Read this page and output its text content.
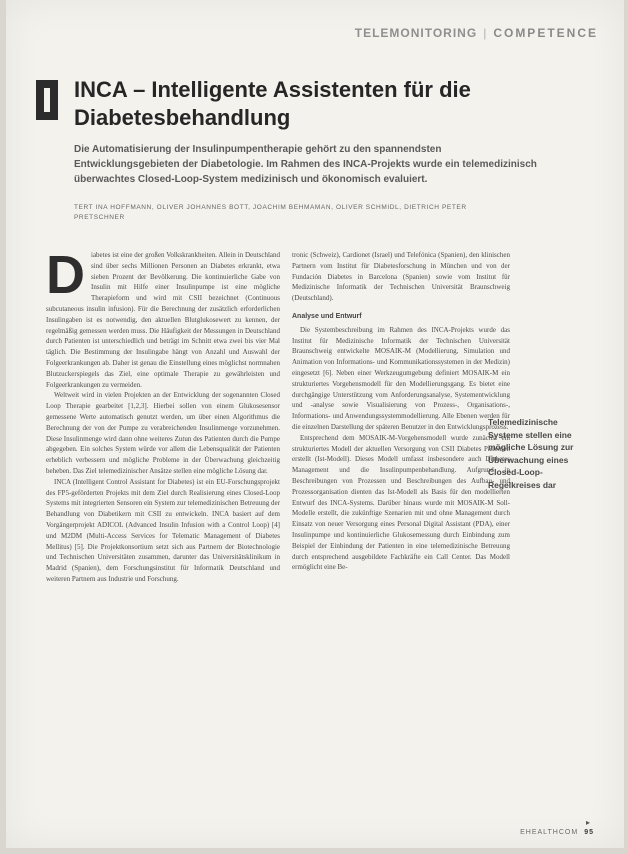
TELEMONITORING | COMPETENCE
INCA – Intelligente Assistenten für die Diabetesbehandlung
Die Automatisierung der Insulinpumpentherapie gehört zu den spannendsten Entwicklungsgebieten der Diabetologie. Im Rahmen des INCA-Projekts wurde ein telemedizinisch überwachtes Closed-Loop-System medizinisch und ökonomisch evaluiert.
TERT INA HOFFMANN, OLIVER JOHANNES BOTT, JOACHIM BEHMAMAN, OLIVER SCHMIDL, DIETRICH PETER PRETSCHNER
D iabetes ist eine der großen Volkskrankheiten. Allein in Deutschland sind über sechs Millionen Personen an Diabetes erkrankt, etwa sieben Prozent der Bevölkerung. Die kontinuierliche Gabe von Insulin mit Hilfe einer Insulinpumpe ist eine mögliche Therapieform und wird mit CSII bezeichnet (Continuous subcutaneous insulin infusion). Für die Berechnung der zusätzlich erforderlichen Insulingaben ist es notwendig, den aktuellen Blutglukosewert zu kennen, der regelmäßig gemessen werden muss. Die Häufigkeit der Messungen in Deutschland durch Patienten ist unterschiedlich und beträgt im Schnitt etwa zwei bis vier Mal täglich. Die Bestimmung der Insulingabe hängt von Anzahl und Auswahl der Folgeerkrankungen ab. Daher ist genau die Einstellung eines möglichst normnahen Blutzuckerspiegels das Ziel, eine optimale Therapie zu gewährleisten und Folgeerkrankungen zu vermeiden.

Weltweit wird in vielen Projekten an der Entwicklung der sogenannten Closed Loop Therapie gearbeitet [1,2,3]. Hierbei sollen von einem Glukosesensor gemessene Werte automatisch genutzt werden, um über einen Algorithmus die Berechnung der von der Pumpe zu verabreichenden Insulinmenge vorzunehmen. Diese Insulinmenge wird dann ohne weiteres Zutun des Patienten durch die Pumpe abgegeben. Ein solches System würde vor allem die Lebensqualität der Patienten erheblich verbessern und mögliche Probleme in der Überwachung gleichzeitig beheben. Das Ziel telemedizinischer Ansätze stellen eine mögliche Lösung dar.

INCA (Intelligent Control Assistant for Diabetes) ist ein EU-Forschungsprojekt des FP5-geförderten Projekts mit dem Ziel durch Realisierung eines Closed-Loop Systems mit integrierten Sensoren ein System zur telemedizinischen Betreuung der Behandlung von Diabetikern mit CSII zu entwickeln. INCA basiert auf dem Vorgängerprojekt ADICOL (Advanced Insulin Infusion with a Control Loop) [4] und M2DM (Multi-Access Services for Telematic Management of Diabetes Mellitus) [5]. Die Projektkonsortium setzt sich aus Partnern der Biotechnologie und Technischen Universitäten zusammen, darunter das Universitätsklinikum in Madrid (Spanien), dem Forschungsinstitut für Informatik Deutschland und weiteren Partnern aus Industrie und Forschung.

tronic (Schweiz), Cardionet (Israel) und Telefónica (Spanien), den klinischen Partnern vom Institut für Diabetesforschung in München und von der Fundación Diabetes in Barcelona (Spanien) sowie vom Institut für Medizinische Informatik der Technischen Universität Braunschweig (Deutschland).

Analyse und Entwurf

Die Systembeschreibung im Rahmen des INCA-Projekts wurde das Institut für Medizinische Informatik der Technischen Universität Braunschweig entwickelte MOSAIK-M (Modellierung, Simulation und Animation von Informations- und Kommunikationssystemen in der Medizin) eingesetzt [6]. Neben einer Werkzeugumgebung definiert MOSAIK-M ein strukturiertes Vorgehensmodell für den Modellierungsgang. Es bietet eine durchgängige Unterstützung vom Anforderungsanalyse, Systementwicklung und -analyse sowie Visualisierung von Prozess-, Organisations-, Informations- und Anwendungssystemmodellierung. Alle Ebenen werden für die einzelnen Darstellung der späteren Benutzer in den Entwicklungsprozess.

Entsprechend dem MOSAIK-M-Vorgehensmodell wurde zunächst ein strukturiertes Modell der aktuellen Versorgung von CSII Diabetes Patienten erstellt (Ist-Modell). Dieses Modell umfasst insbesondere auch Diabetes Management und die Insulinpumpenbehandlung. Aufgrund in Beschreibungen von Prozessen und Beschreibungen des Aufbau- und Prozessorganisation dienten das Ist-Modell als Basis für den modellierten Entwurf des INCA-Systems. Darüber hinaus wurde mit MOSAIK-M Soll-Modelle erstellt, die zukünftige Szenarien mit und ohne Management durch Einsatz von neuer Versorgung eines Personal Digital Assistant (PDA), einer Insulinpumpe und kontinuierliche Glukosemessung durch Einbindung zum Beispiel der Einbindung der Patienten in eine telemedizinische Betreuung durch entsprechend ausgebildete Fachkräfte ein Call Center. Das Modell ermöglicht eine Be-

Telemedizinische Systeme stellen eine mögliche Lösung zur Überwachung eines Closed-Loop-Regelkreises dar
▸
EHEALTHCOM 95
